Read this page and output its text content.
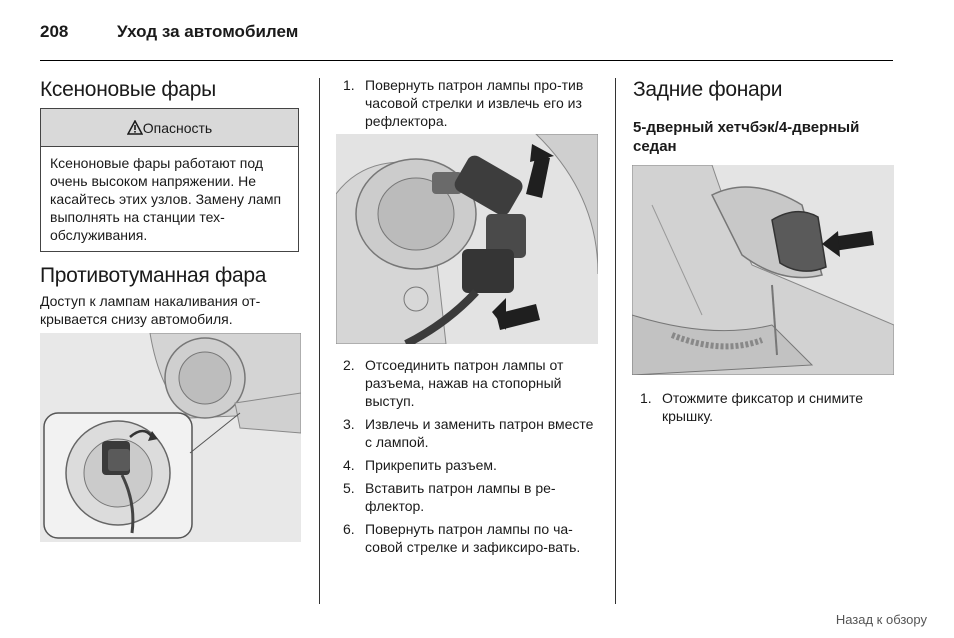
208	Уход за автомобилем
Ксеноновые фары
Опасность
Ксеноновые фары работают под очень высоком напряжении. Не касайтесь этих узлов. Замену ламп выполнять на станции тех-обслуживания.
Противотуманная фара
Доступ к лампам накаливания от-крывается снизу автомобиля.
1. Повернуть патрон лампы про-тив часовой стрелки и извлечь его из рефлектора.
2. Отсоединить патрон лампы от разъема, нажав на стопорный выступ.
3. Извлечь и заменить патрон вместе с лампой.
4. Прикрепить разъем.
5. Вставить патрон лампы в ре-флектор.
6. Повернуть патрон лампы по ча-совой стрелке и зафиксиро-вать.
Задние фонари
5-дверный хетчбэк/4-дверный седан
1. Отожмите фиксатор и снимите крышку.
Назад к обзору
